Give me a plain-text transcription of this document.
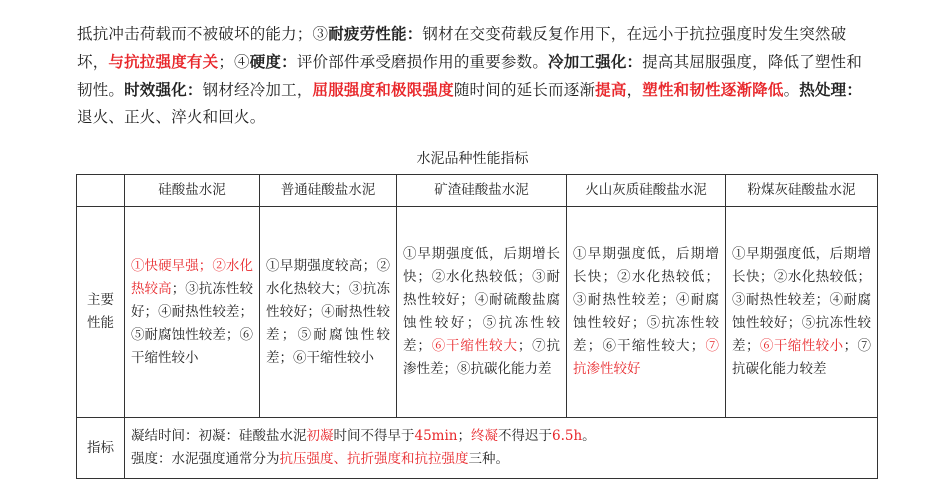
抵抗冲击荷载而不被破坏的能力；③耐疲劳性能：钢材在交变荷载反复作用下，在远小于抗拉强度时发生突然破坏，与抗拉强度有关；④硬度：评价部件承受磨损作用的重要参数。冷加工强化：提高其屈服强度，降低了塑性和韧性。时效强化：钢材经冷加工，屈服强度和极限强度随时间的延长而逐渐提高，塑性和韧性逐渐降低。热处理：退火、正火、淬火和回火。

水泥品种性能指标
	硅酸盐水泥	普通硅酸盐水泥	矿渣硅酸盐水泥	火山灰质硅酸盐水泥	粉煤灰硅酸盐水泥

主要
性能	①快硬早强；②水化热较高；③抗冻性较好；④耐热性较差；⑤耐腐蚀性较差；⑥干缩性较小	①早期强度较高；②水化热较大；③抗冻性较好；④耐热性较差；⑤耐腐蚀性较差；⑥干缩性较小	①早期强度低，后期增长快；②水化热较低；③耐热性较好；④耐硫酸盐腐蚀性较好；⑤抗冻性较差；⑥干缩性较大；⑦抗渗性差；⑧抗碳化能力差	①早期强度低，后期增长快；②水化热较低；③耐热性较差；④耐腐蚀性较好；⑤抗冻性较差；⑥干缩性较大；⑦抗渗性较好	①早期强度低，后期增长快；②水化热较低；③耐热性较差；④耐腐蚀性较好；⑤抗冻性较差；⑥干缩性较小；⑦抗碳化能力较差
指标	凝结时间：初凝：硅酸盐水泥初凝时间不得早于45min；终凝不得迟于6.5h。
强度：水泥强度通常分为抗压强度、抗折强度和抗拉强度三种。				
